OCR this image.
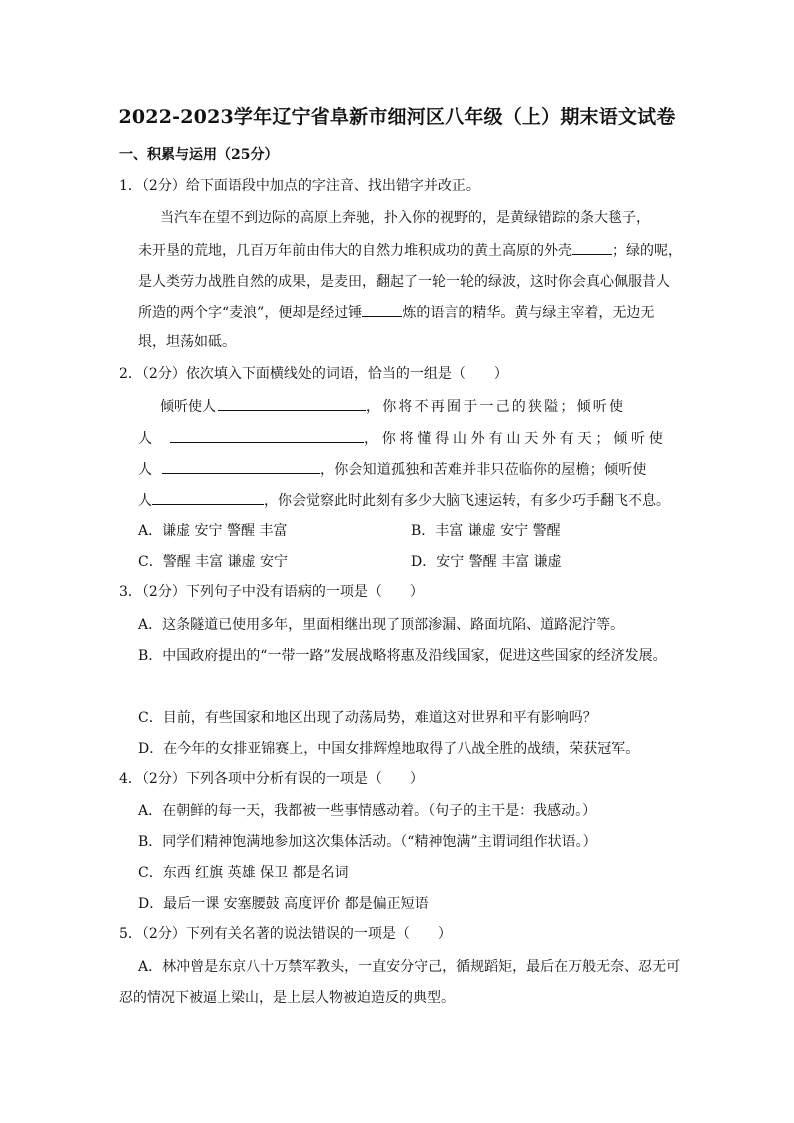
2022-2023学年辽宁省阜新市细河区八年级（上）期末语文试卷
一、积累与运用（25分）
1．（2分）给下面语段中加点的字注音、找出错字并改正。
当汽车在望不到边际的高原上奔驰，扑入你的视野的，是黄绿错踪的条大毯子，
未开垦的荒地，几百万年前由伟大的自然力堆积成功的黄土高原的外壳	；绿的呢，
是人类劳力战胜自然的成果，是麦田，翻起了一轮一轮的绿波，这时你会真心佩服昔人
所造的两个字“麦浪”，便却是经过锤	炼的语言的精华。黄与绿主宰着，无边无
垠，坦荡如砥。
2．（2分）依次填入下面横线处的词语，恰当的一组是（　　）
倾听使人	，你将不再囿于一己的狭隘；倾听使
人	，你将懂得山外有山天外有天；倾听使
人	，你会知道孤独和苦难并非只莅临你的屋檐；倾听使
人	，你会觉察此时此刻有多少大脑飞速运转，有多少巧手翻飞不息。
A．谦虚 安宁 警醒 丰富	B．丰富 谦虚 安宁 警醒
C．警醒 丰富 谦虚 安宁	D．安宁 警醒 丰富 谦虚
3．（2分）下列句子中没有语病的一项是（　　）
A．这条隧道已使用多年，里面相继出现了顶部渗漏、路面坑陷、道路泥泞等。
B．中国政府提出的“一带一路”发展战略将惠及沿线国家，促进这些国家的经济发展。
C．目前，有些国家和地区出现了动荡局势，难道这对世界和平有影响吗？
D．在今年的女排亚锦赛上，中国女排辉煌地取得了八战全胜的战绩，荣获冠军。
4．（2分）下列各项中分析有误的一项是（　　）
A．在朝鲜的每一天，我都被一些事情感动着。（句子的主干是：我感动。）
B．同学们精神饱满地参加这次集体活动。（“精神饱满”主谓词组作状语。）
C．东西 红旗 英雄 保卫 都是名词
D．最后一课 安塞腰鼓 高度评价 都是偏正短语
5．（2分）下列有关名著的说法错误的一项是（　　）
A．林冲曾是东京八十万禁军教头，一直安分守己，循规蹈矩，最后在万般无奈、忍无可
忍的情况下被逼上梁山，是上层人物被迫造反的典型。
